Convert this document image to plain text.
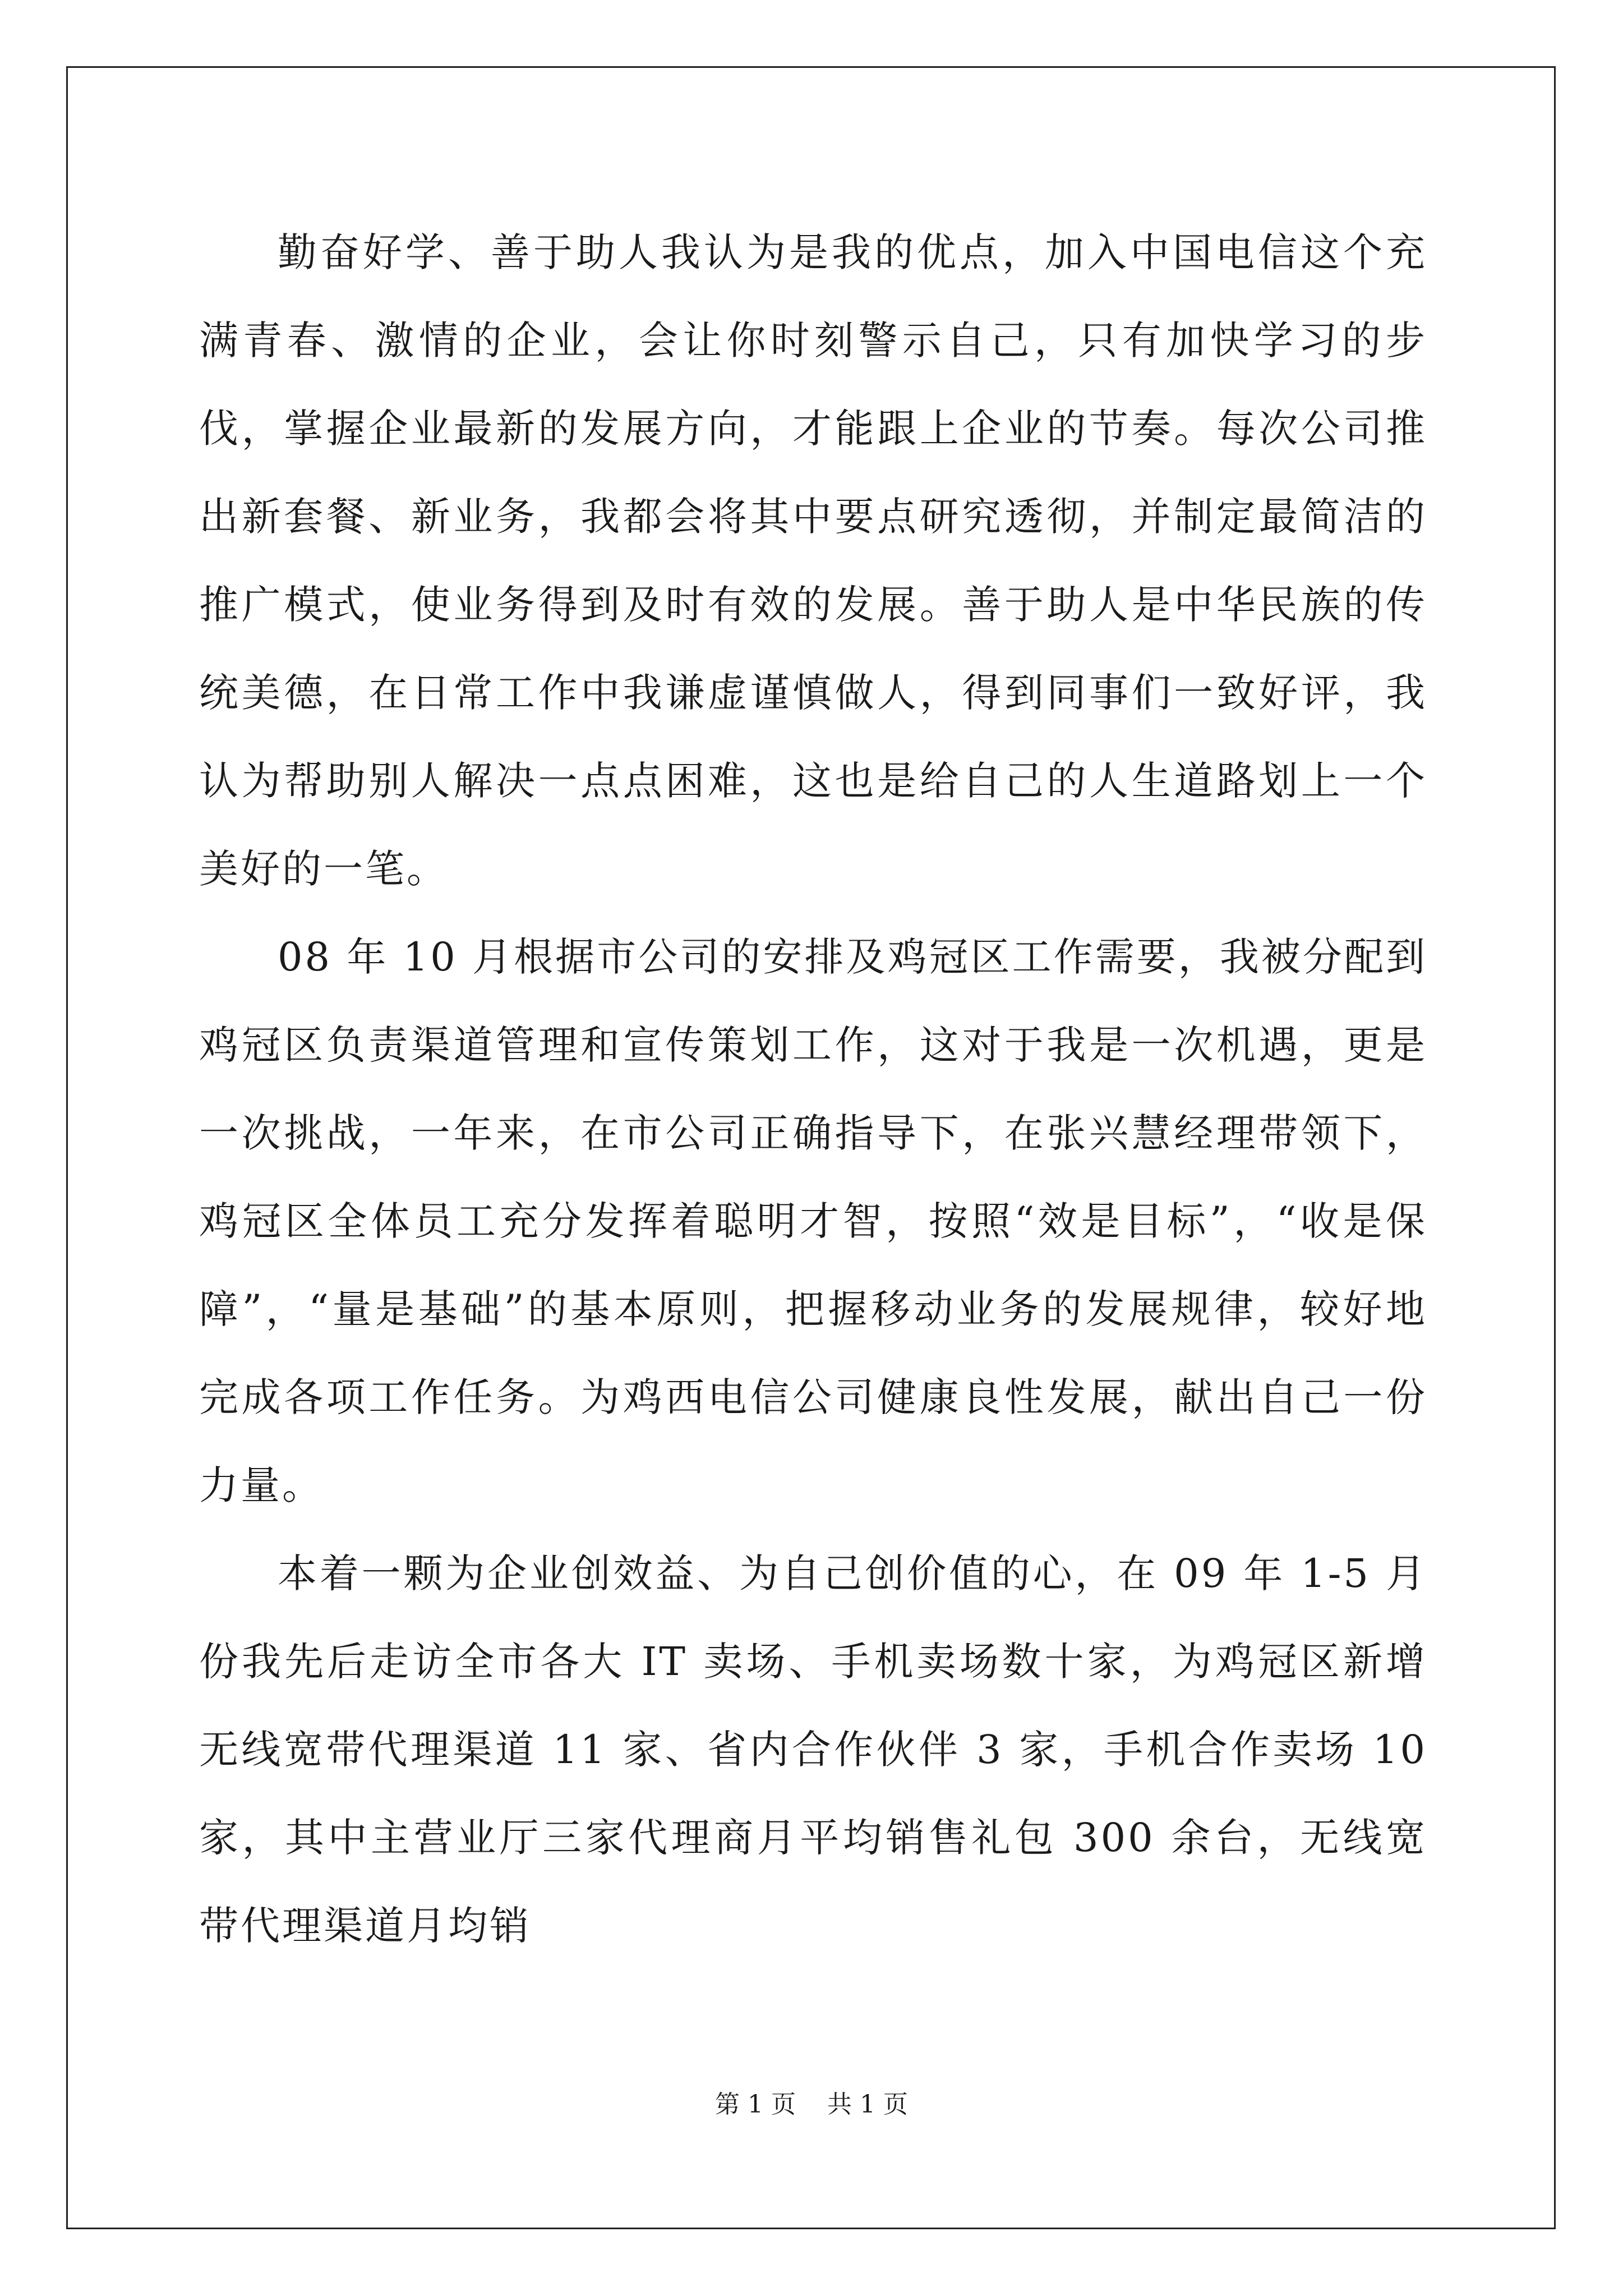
勤奋好学、善于助人我认为是我的优点，加入中国电信这个充满青春、激情的企业，会让你时刻警示自己，只有加快学习的步伐，掌握企业最新的发展方向，才能跟上企业的节奏。每次公司推出新套餐、新业务，我都会将其中要点研究透彻，并制定最简洁的推广模式，使业务得到及时有效的发展。善于助人是中华民族的传统美德，在日常工作中我谦虚谨慎做人，得到同事们一致好评，我认为帮助别人解决一点点困难，这也是给自己的人生道路划上一个美好的一笔。

08 年 10 月根据市公司的安排及鸡冠区工作需要，我被分配到鸡冠区负责渠道管理和宣传策划工作，这对于我是一次机遇，更是一次挑战，一年来，在市公司正确指导下，在张兴慧经理带领下，鸡冠区全体员工充分发挥着聪明才智，按照“效是目标”，“收是保障”，“量是基础”的基本原则，把握移动业务的发展规律，较好地完成各项工作任务。为鸡西电信公司健康良性发展，献出自己一份力量。

本着一颗为企业创效益、为自己创价值的心，在 09 年 1-5 月份我先后走访全市各大 IT 卖场、手机卖场数十家，为鸡冠区新增无线宽带代理渠道 11 家、省内合作伙伴 3 家，手机合作卖场 10 家，其中主营业厅三家代理商月平均销售礼包 300 余台，无线宽带代理渠道月均销

第 1 页    共 1 页
